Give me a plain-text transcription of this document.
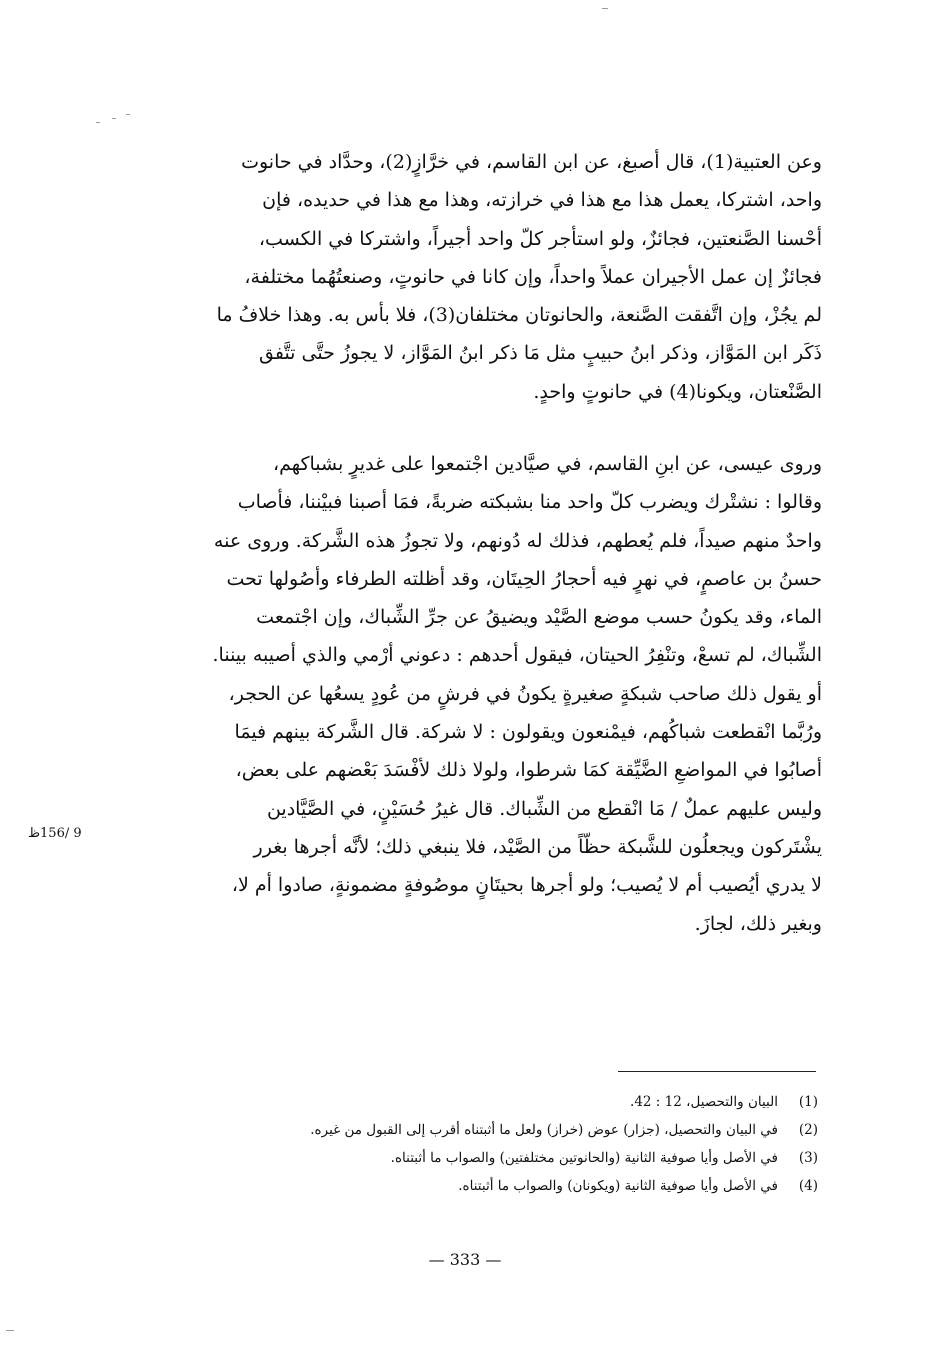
وعن العتبية(1)، قال أصبغ، عن ابن القاسم، في خرَّازٍ(2)، وحدَّاد في حانوت
واحد، اشتركا، يعمل هذا مع هذا في خرازته، وهذا مع هذا في حديده، فإن
أحْسنا الصَّنعتين، فجائزٌ، ولو استأجر كلّ واحد أجيراً، واشتركا في الكسب،
فجائزٌ إن عمل الأجيران عملاً واحداً، وإن كانا في حانوتٍ، وصنعتُهُما مختلفة،
لم يجُزْ، وإن اتَّفقت الصَّنعة، والحانوتان مختلفان(3)، فلا بأس به. وهذا خلافُ ما
ذَكَر ابن المَوَّاز، وذكر ابنُ حبيبٍ مثل مَا ذكر ابنُ المَوَّاز، لا يجوزُ حتَّى تتَّفق
الصَّنْعتان، ويكونا(4) في حانوتٍ واحدٍ.
وروى عيسى، عن ابنِ القاسم، في صيَّادين اجْتمعوا على غديرٍ بشباكهم،
وقالوا : نشتْرك ويضرب كلّ واحد منا بشبكته ضربةً، فمَا أصبنا فبيْننا، فأصاب
واحدٌ منهم صيداً، فلم يُعطهم، فذلك له دُونهم، ولا تجوزُ هذه الشَّركة. وروى عنه
حسنُ بن عاصمٍ، في نهرٍ فيه أحجارُ الحِيتَان، وقد أظلته الطرفاء وأصُولها تحت
الماء، وقد يكونُ حسب موضع الصَّيْد ويضيقُ عن جرِّ الشِّباك، وإن اجْتمعت
الشِّباك، لم تسعْ، وتنْفِرُ الحيتان، فيقول أحدهم : دعوني أرْمي والذي أصيبه بيننا.
أو يقول ذلك صاحب شبكةٍ صغيرةٍ يكونُ في فرشٍ من عُودٍ يسعُها عن الحجر،
ورُبَّما انْقطعت شباكُهم، فيمْنعون ويقولون : لا شركة. قال الشَّركة بينهم فيمَا
أصابُوا في المواضعِ الضَّيِّقة كمَا شرطوا، ولولا ذلك لأفْسَدَ بَعْضهم على بعض،
وليس عليهم عملٌ / مَا انْقطع من الشِّباك. قال غيرُ حُسَيْنٍ، في الصَّيَّادين
يشْتَركون ويجعلُون للشَّبكة حظّاً من الصَّيْد، فلا ينبغي ذلك؛ لأنَّه أجرها بغرر
لا يدري أيُصيب أم لا يُصيب؛ ولو أجرها بحيتَانٍ موصُوفةٍ مضمونةٍ، صادوا أم لا،
وبغير ذلك، لجازَ.
9 /156ظ
(1)
البيان والتحصيل، 12 : 42.
(2)
في البيان والتحصيل، (جزار) عوض (خراز) ولعل ما أثبتناه أقرب إلى القبول من غيره.
(3)
في الأصل وأيا صوفية الثانية (والحانوتين مختلفتين) والصواب ما أثبتناه.
(4)
في الأصل وأيا صوفية الثانية (ويكونان) والصواب ما أثبتناه.
— 333 —
